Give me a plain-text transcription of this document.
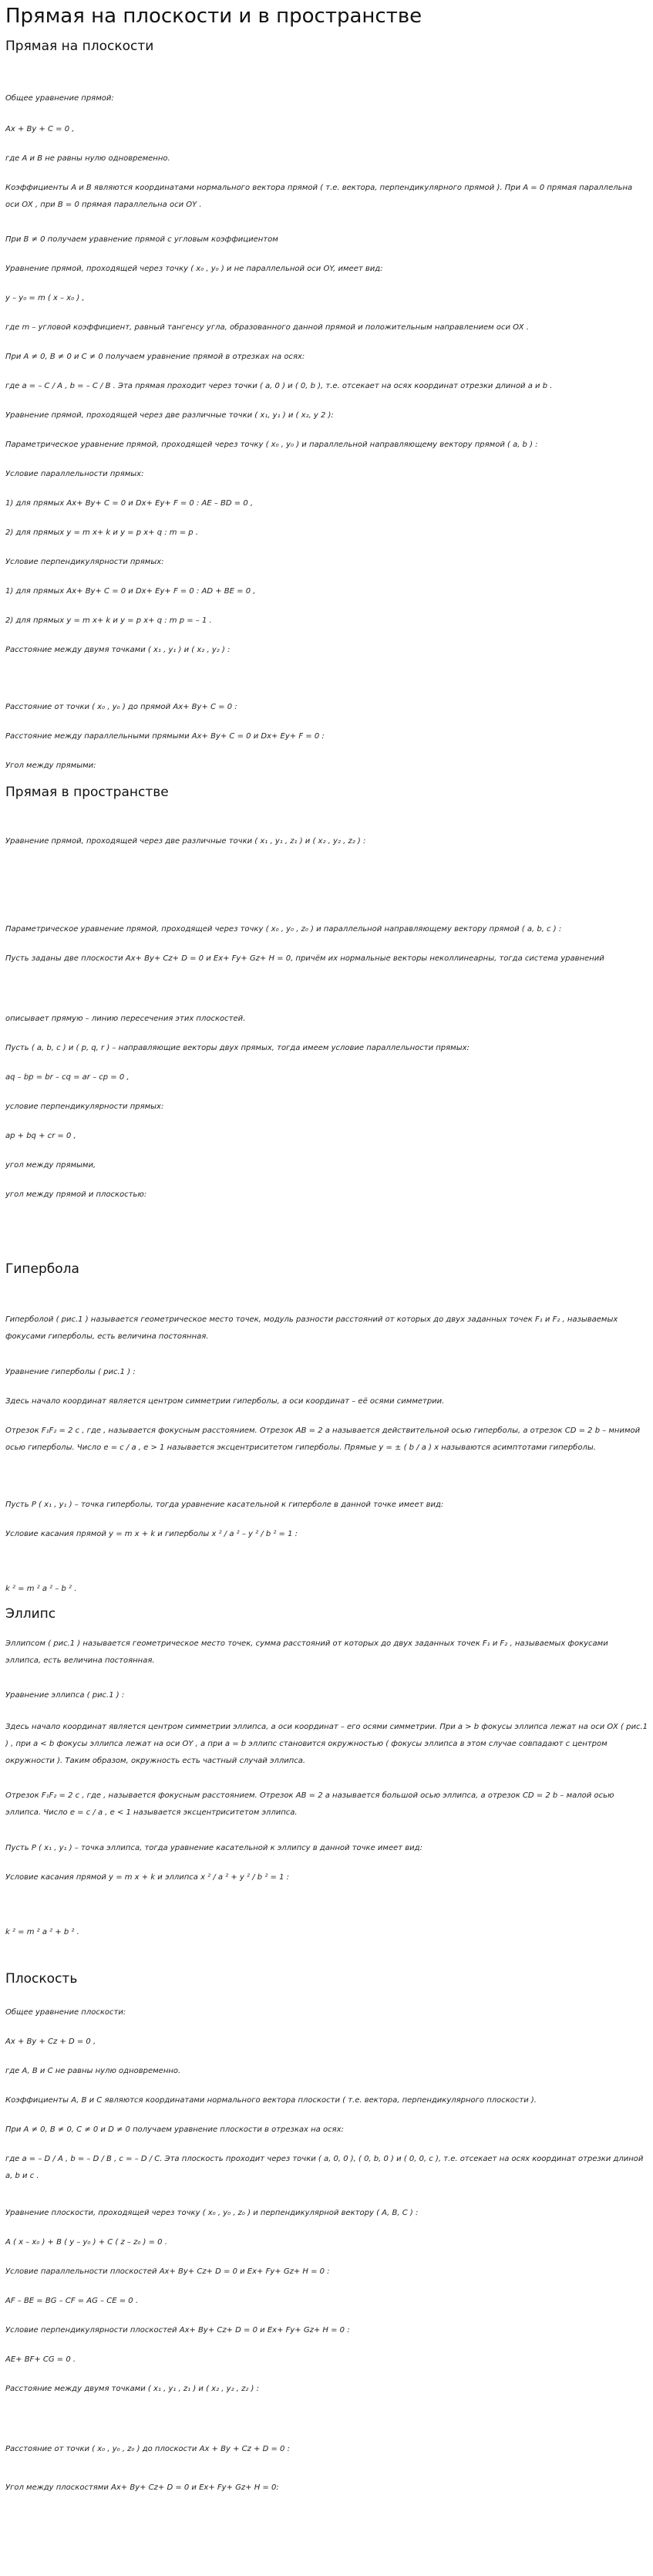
Прямая на плоскости и в пространстве
Прямая на плоскости

Общее уравнение прямой:

Ax + By + C = 0 ,

где A и B не равны нулю одновременно.

Коэффициенты A и B являются координатами нормального вектора прямой ( т.е. вектора, перпендикулярного прямой ). При A = 0 прямая параллельна оси OX , при B = 0 прямая параллельна оси OY .

При B ≠ 0 получаем уравнение прямой с угловым коэффициентом

Уравнение прямой, проходящей через точку ( x₀ , y₀ ) и не параллельной оси OY, имеет вид:

y – y₀ = m ( x – x₀ ) ,

где m – угловой коэффициент, равный тангенсу угла, образованного данной прямой и положительным направлением оси OX .

При A ≠ 0, B ≠ 0 и C ≠ 0 получаем уравнение прямой в отрезках на осях:

где a = – C / A , b = – C / B . Эта прямая проходит через точки ( a, 0 ) и ( 0, b ), т.е. отсекает на осях координат отрезки длиной a и b .

Уравнение прямой, проходящей через две различные точки ( x₁, y₁ ) и ( x₂, y 2 ):

Параметрическое уравнение прямой, проходящей через точку ( x₀ , y₀ ) и параллельной направляющему вектору прямой ( a, b ) :

Условие параллельности прямых:

1) для прямых Ax+ By+ C = 0 и Dx+ Ey+ F = 0 : AE – BD = 0 ,

2) для прямых y = m x+ k и y = p x+ q : m = p .

Условие перпендикулярности прямых:

1) для прямых Ax+ By+ C = 0 и Dx+ Ey+ F = 0 : AD + BE = 0 ,

2) для прямых y = m x+ k и y = p x+ q : m p = – 1 .

Расстояние между двумя точками ( x₁ , y₁ ) и ( x₂ , y₂ ) :

Расстояние от точки ( x₀ , y₀ ) до прямой Ax+ By+ C = 0 :

Расстояние между параллельными прямыми Ax+ By+ C = 0 и Dx+ Ey+ F = 0 :

Угол между прямыми:

Прямая в пространстве

Уравнение прямой, проходящей через две различные точки ( x₁ , y₁ , z₁ ) и ( x₂ , y₂ , z₂ ) :

Параметрическое уравнение прямой, проходящей через точку ( x₀ , y₀ , z₀ ) и параллельной направляющему вектору прямой ( a, b, c ) :

Пусть заданы две плоскости Ax+ By+ Cz+ D = 0 и Ex+ Fy+ Gz+ H = 0, причём их нормальные векторы неколлинеарны, тогда система уравнений

описывает прямую – линию пересечения этих плоскостей.

Пусть ( a, b, c ) и ( p, q, r ) – направляющие векторы двух прямых, тогда имеем условие параллельности прямых:

aq – bp = br – cq = ar – cp = 0 ,

условие перпендикулярности прямых:

ap + bq + cr = 0 ,

угол между прямыми,

угол между прямой и плоскостью:

Гипербола

Гиперболой ( рис.1 ) называется геометрическое место точек, модуль разности расстояний от которых до двух заданных точек F₁ и F₂ , называемых фокусами гиперболы, есть величина постоянная.

Уравнение гиперболы ( рис.1 ) :

Здесь начало координат является центром симметрии гиперболы, а оси координат – её осями симметрии.

Отрезок F₁F₂ = 2 c , где , называется фокусным расстоянием. Отрезок AB = 2 a называется действительной осью гиперболы, а отрезок CD = 2 b – мнимой осью гиперболы. Число e = c / a , e > 1 называется эксцентриситетом гиперболы. Прямые y = ± ( b / a ) x называются асимптотами гиперболы.

Пусть P ( x₁ , y₁ ) – точка гиперболы, тогда уравнение касательной к гиперболе в данной точке имеет вид:

Условие касания прямой y = m x + k и гиперболы x ² / a ² – y ² / b ² = 1 :

k ² = m ² a ² – b ² .

Эллипс

Эллипсом ( рис.1 ) называется геометрическое место точек, сумма расстояний от которых до двух заданных точек F₁ и F₂ , называемых фокусами эллипса, есть величина постоянная.

Уравнение эллипса ( рис.1 ) :

Здесь начало координат является центром симметрии эллипса, а оси координат – его осями симметрии. При a > b фокусы эллипса лежат на оси OX ( рис.1 ) , при a < b фокусы эллипса лежат на оси OY , а при a = b эллипс становится окружностью ( фокусы эллипса в этом случае совпадают с центром окружности ). Таким образом, окружность есть частный случай эллипса.

Отрезок F₁F₂ = 2 c , где , называется фокусным расстоянием. Отрезок AB = 2 a называется большой осью эллипса, а отрезок CD = 2 b – малой осью эллипса. Число e = c / a , e < 1 называется эксцентриситетом эллипса.

Пусть P ( x₁ , y₁ ) – точка эллипса, тогда уравнение касательной к эллипсу в данной точке имеет вид:

Условие касания прямой y = m x + k и эллипса x ² / a ² + y ² / b ² = 1 :

k ² = m ² a ² + b ² .

Плоскость

Общее уравнение плоскости:

Ax + By + Cz + D = 0 ,

где A, B и C не равны нулю одновременно.

Коэффициенты A, B и C являются координатами нормального вектора плоскости ( т.е. вектора, перпендикулярного плоскости ).

При A ≠ 0, B ≠ 0, C ≠ 0 и D ≠ 0 получаем уравнение плоскости в отрезках на осях:

где a = – D / A , b = – D / B , c = – D / C. Эта плоскость проходит через точки ( a, 0, 0 ), ( 0, b, 0 ) и ( 0, 0, c ), т.е. отсекает на осях координат отрезки длиной a, b и c .

Уравнение плоскости, проходящей через точку ( x₀ , y₀ , z₀ ) и перпендикулярной вектору ( A, B, C ) :

A ( x – x₀ ) + B ( y – y₀ ) + C ( z – z₀ ) = 0 .

Условие параллельности плоскостей Ax+ By+ Cz+ D = 0 и Ex+ Fy+ Gz+ H = 0 :

AF – BE = BG – CF = AG – CE = 0 .

Условие перпендикулярности плоскостей Ax+ By+ Cz+ D = 0 и Ex+ Fy+ Gz+ H = 0 :

AE+ BF+ CG = 0 .

Расстояние между двумя точками ( x₁ , y₁ , z₁ ) и ( x₂ , y₂ , z₂ ) :

Расстояние от точки ( x₀ , y₀ , z₀ ) до плоскости Ax + By + Cz + D = 0 :

Угол между плоскостями Ax+ By+ Cz+ D = 0 и Ex+ Fy+ Gz+ H = 0:
